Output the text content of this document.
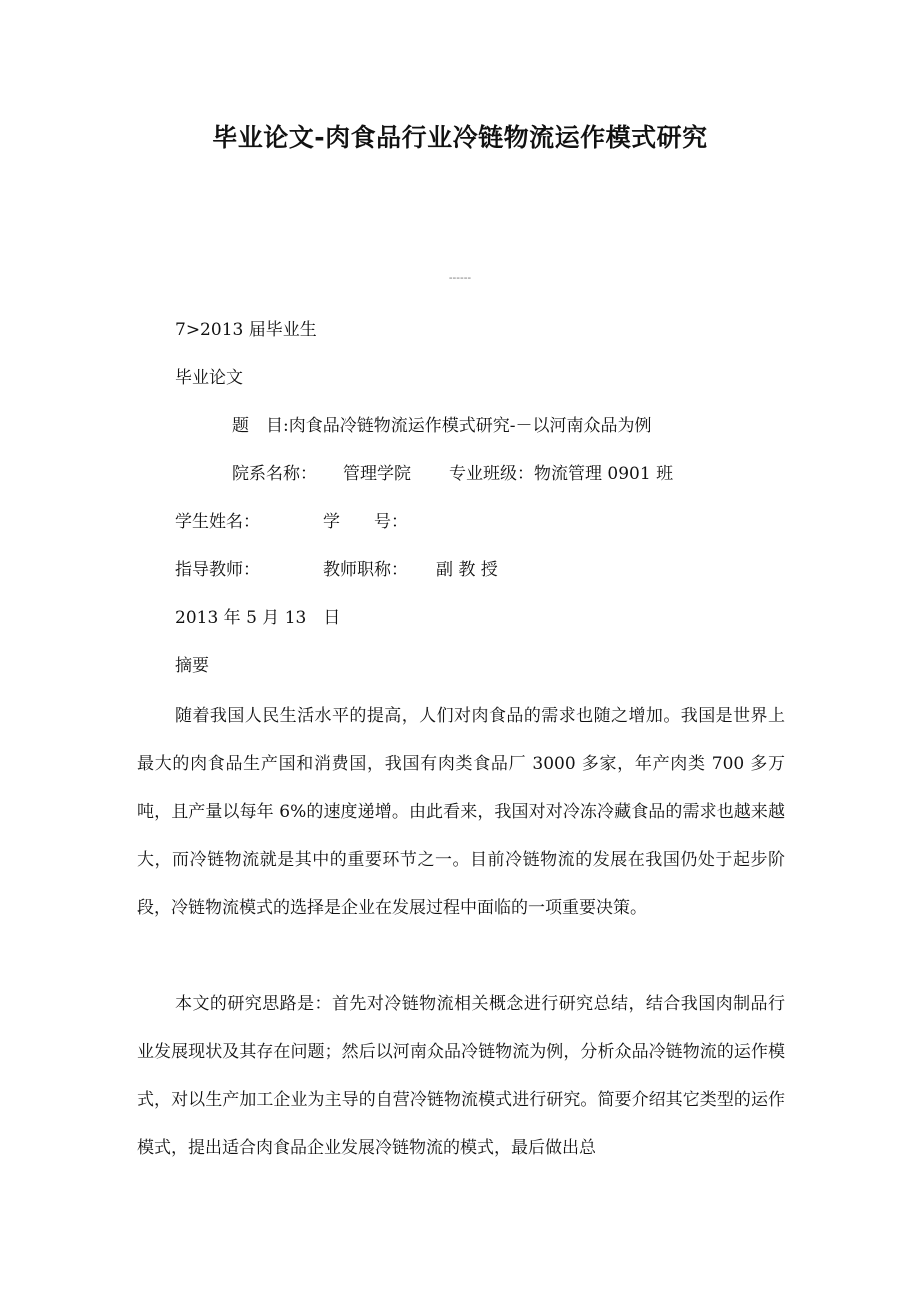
毕业论文-肉食品行业冷链物流运作模式研究
------
7>2013 届毕业生
毕业论文
题　目:肉食品冷链物流运作模式研究-－以河南众品为例
院系名称： 管理学院 专业班级：物流管理 0901 班
学生姓名：	学　　号：
指导教师：	教师职称： 副 教 授
2013 年 5 月 13　日
摘要

随着我国人民生活水平的提高，人们对肉食品的需求也随之增加。我国是世界上最大的肉食品生产国和消费国，我国有肉类食品厂 3000 多家，年产肉类 700 多万吨，且产量以每年 6%的速度递增。由此看来，我国对对冷冻冷藏食品的需求也越来越大，而冷链物流就是其中的重要环节之一。目前冷链物流的发展在我国仍处于起步阶段，冷链物流模式的选择是企业在发展过程中面临的一项重要决策。

本文的研究思路是：首先对冷链物流相关概念进行研究总结，结合我国肉制品行业发展现状及其存在问题；然后以河南众品冷链物流为例，分析众品冷链物流的运作模式，对以生产加工企业为主导的自营冷链物流模式进行研究。简要介绍其它类型的运作模式，提出适合肉食品企业发展冷链物流的模式，最后做出总
